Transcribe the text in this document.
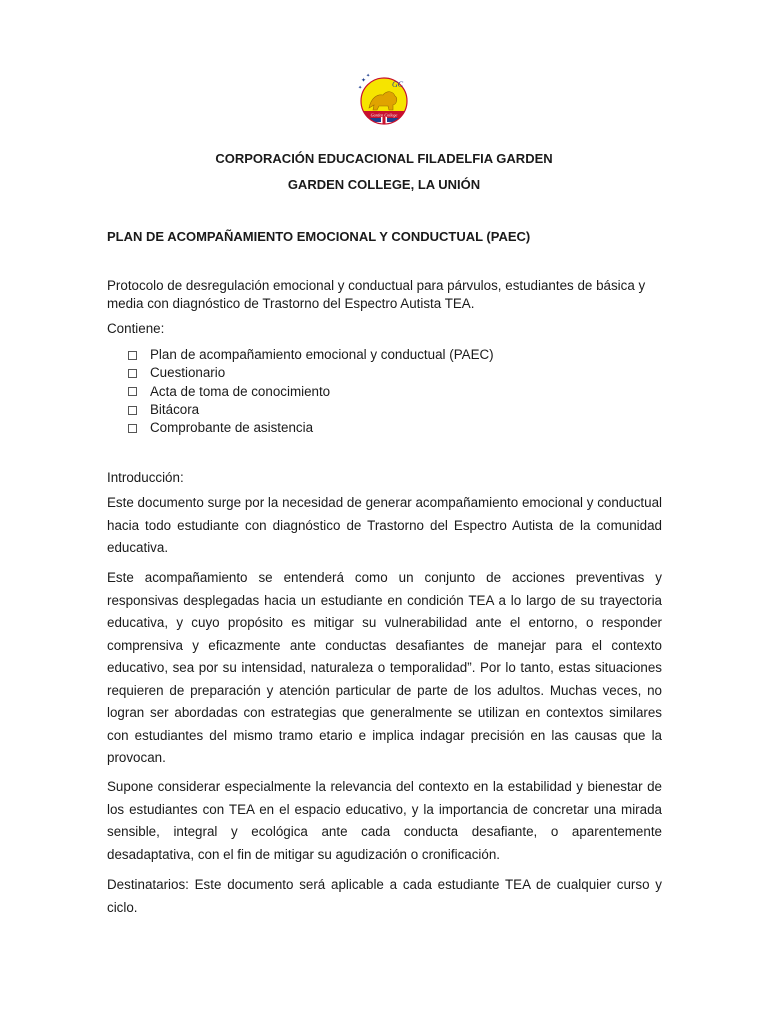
GC
Garden College
✦
✦
✦
CORPORACIÓN EDUCACIONAL FILADELFIA GARDEN
GARDEN COLLEGE, LA UNIÓN
PLAN DE ACOMPAÑAMIENTO EMOCIONAL Y CONDUCTUAL (PAEC)
Protocolo de desregulación emocional y conductual para párvulos, estudiantes de básica y media con diagnóstico de Trastorno del Espectro Autista TEA.
Contiene:
Plan de acompañamiento emocional y conductual (PAEC)
Cuestionario
Acta de toma de conocimiento
Bitácora
Comprobante de asistencia
Introducción:
Este documento surge por la necesidad de generar acompañamiento emocional y conductual hacia todo estudiante con diagnóstico de Trastorno del Espectro Autista de la comunidad educativa.
Este acompañamiento se entenderá como un conjunto de acciones preventivas y responsivas desplegadas hacia un estudiante en condición TEA a lo largo de su trayectoria educativa, y cuyo propósito es mitigar su vulnerabilidad ante el entorno, o responder comprensiva y eficazmente ante conductas desafiantes de manejar para el contexto educativo, sea por su intensidad, naturaleza o temporalidad”. Por lo tanto, estas situaciones requieren de preparación y atención particular de parte de los adultos. Muchas veces, no logran ser abordadas con estrategias que generalmente se utilizan en contextos similares con estudiantes del mismo tramo etario e implica indagar precisión en las causas que la provocan.
Supone considerar especialmente la relevancia del contexto en la estabilidad y bienestar de los estudiantes con TEA en el espacio educativo, y la importancia de concretar una mirada sensible, integral y ecológica ante cada conducta desafiante, o aparentemente desadaptativa, con el fin de mitigar su agudización o cronificación.
Destinatarios: Este documento será aplicable a cada estudiante TEA de cualquier curso y ciclo.
